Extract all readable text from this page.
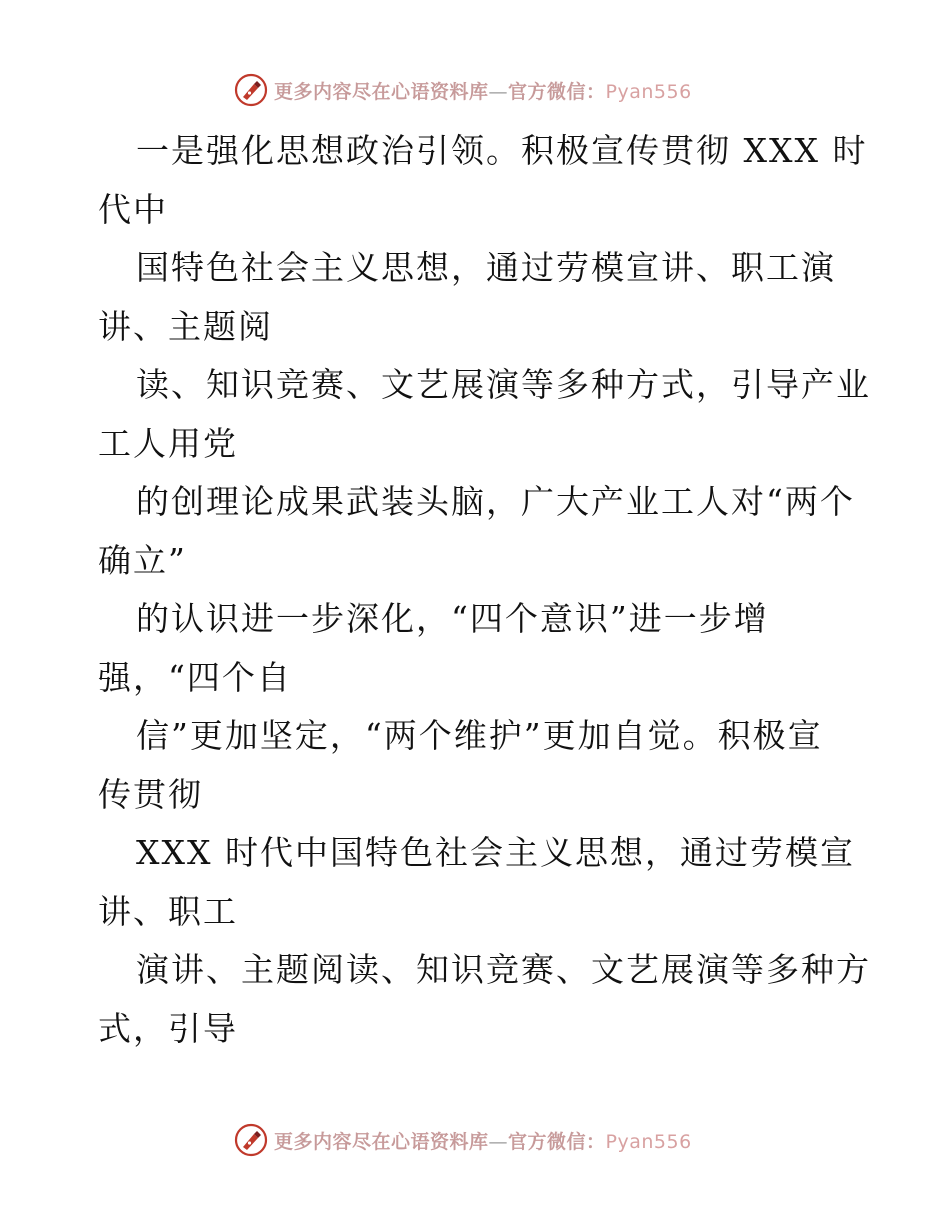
更多内容尽在心语资料库—官方微信：Pyan556
一是强化思想政治引领。积极宣传贯彻 XXX 时
代中
国特色社会主义思想，通过劳模宣讲、职工演
讲、主题阅
读、知识竞赛、文艺展演等多种方式，引导产业
工人用党
的创理论成果武装头脑，广大产业工人对“两个
确立”
的认识进一步深化，“四个意识”进一步增
强，“四个自
信”更加坚定，“两个维护”更加自觉。积极宣
传贯彻
XXX 时代中国特色社会主义思想，通过劳模宣
讲、职工
演讲、主题阅读、知识竞赛、文艺展演等多种方
式，引导
更多内容尽在心语资料库—官方微信：Pyan556
